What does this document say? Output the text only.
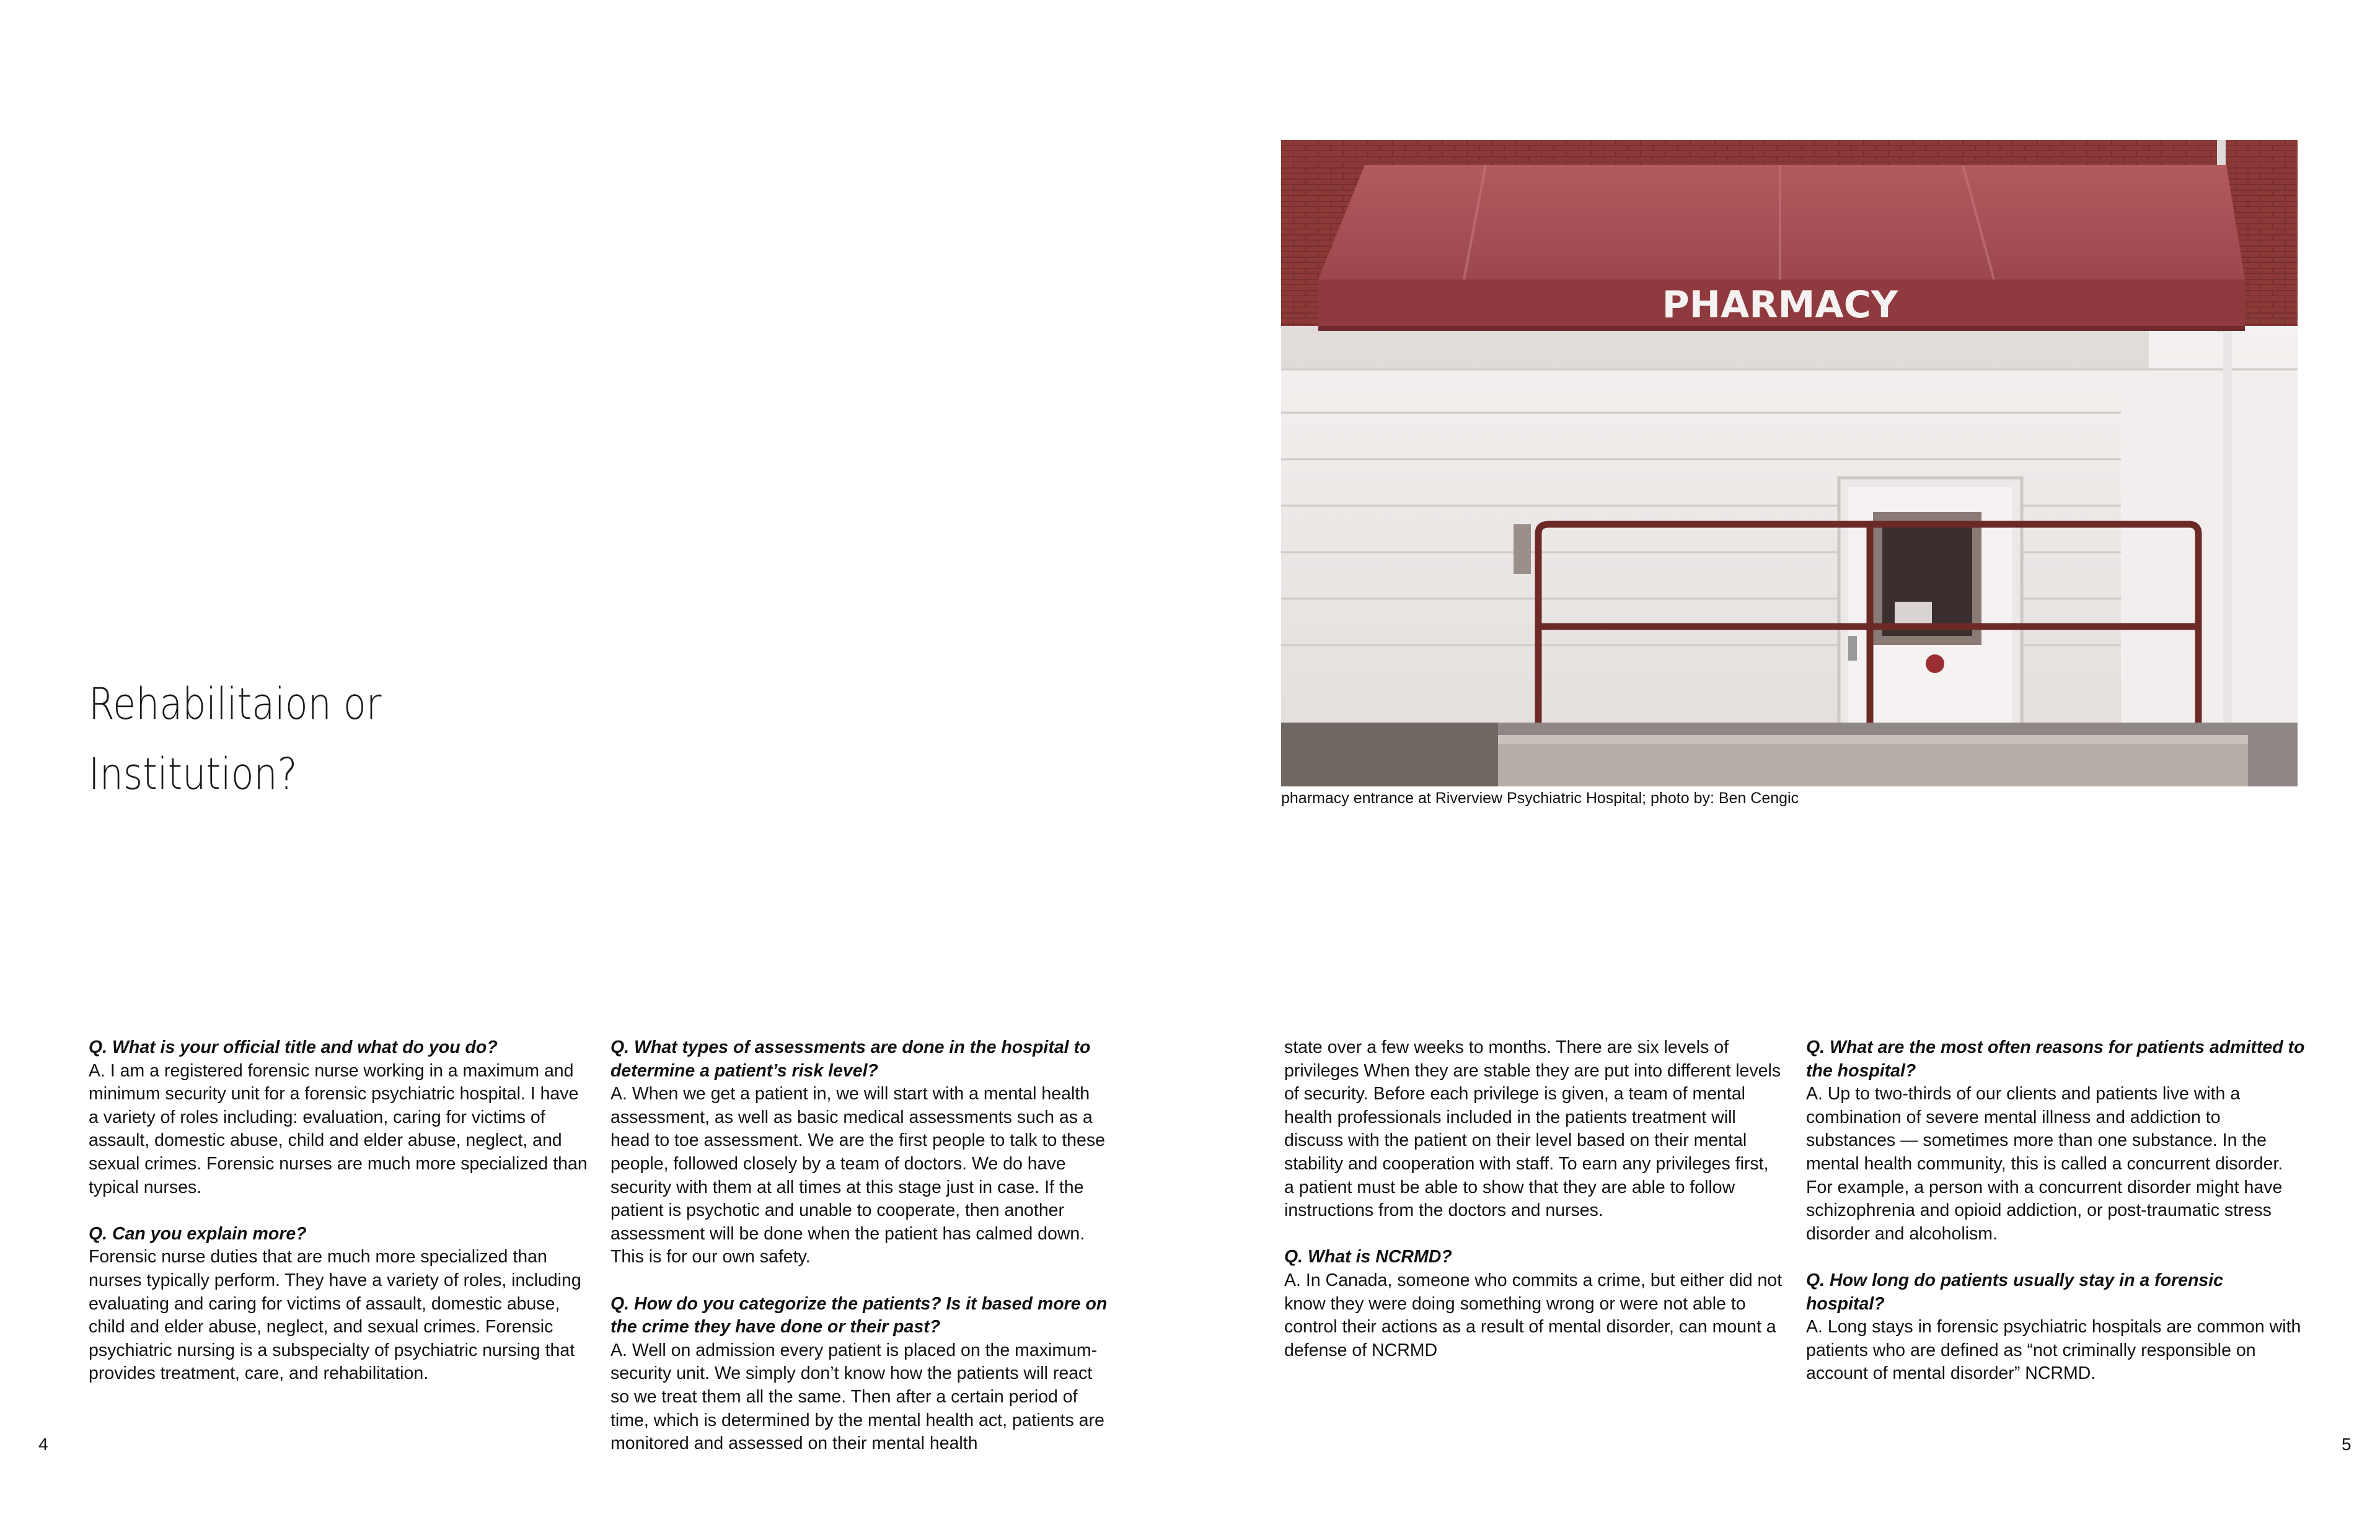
Rehabilitaion or
Institution?
PHARMACY
pharmacy entrance at Riverview Psychiatric Hospital; photo by: Ben Cengic

Q. What is your official title and what do you do?
A. I am a registered forensic nurse working in a maximum and minimum security unit for a forensic psychiatric hospital. I have a variety of roles including: evaluation, caring for victims of assault, domestic abuse, child and elder abuse, neglect, and sexual crimes. Forensic nurses are much more specialized than typical nurses.

Q. Can you explain more?
Forensic nurse duties that are much more specialized than nurses typically perform. They have a variety of roles, including evaluating and caring for victims of assault, domestic abuse, child and elder abuse, neglect, and sexual crimes. Forensic psychiatric nursing is a subspecialty of psychiatric nursing that provides treatment, care, and rehabilitation.

Q. What types of assessments are done in the hospital to determine a patient’s risk level?
A. When we get a patient in, we will start with a mental health assessment, as well as basic medical assessments such as a head to toe assessment. We are the first people to talk to these people, followed closely by a team of doctors. We do have security with them at all times at this stage just in case. If the patient is psychotic and unable to cooperate, then another assessment will be done when the patient has calmed down. This is for our own safety.

Q. How do you categorize the patients? Is it based more on the crime they have done or their past?
A. Well on admission every patient is placed on the maximum-security unit. We simply don’t know how the patients will react so we treat them all the same. Then after a certain period of time, which is determined by the mental health act, patients are monitored and assessed on their mental health

state over a few weeks to months. There are six levels of privileges When they are stable they are put into different levels of security. Before each privilege is given, a team of mental health professionals included in the patients treatment will discuss with the patient on their level based on their mental stability and cooperation with staff. To earn any privileges first, a patient must be able to show that they are able to follow instructions from the doctors and nurses.

Q. What is NCRMD?
A. In Canada, someone who commits a crime, but either did not know they were doing something wrong or were not able to control their actions as a result of mental disorder, can mount a defense of NCRMD

Q. What are the most often reasons for patients admitted to the hospital?
A. Up to two-thirds of our clients and patients live with a combination of severe mental illness and addiction to substances — sometimes more than one substance. In the mental health community, this is called a concurrent disorder. For example, a person with a concurrent disorder might have schizophrenia and opioid addiction, or post-traumatic stress disorder and alcoholism.

Q. How long do patients usually stay in a forensic hospital?
A. Long stays in forensic psychiatric hospitals are common with patients who are defined as “not criminally responsible on account of mental disorder” NCRMD.

4	5
